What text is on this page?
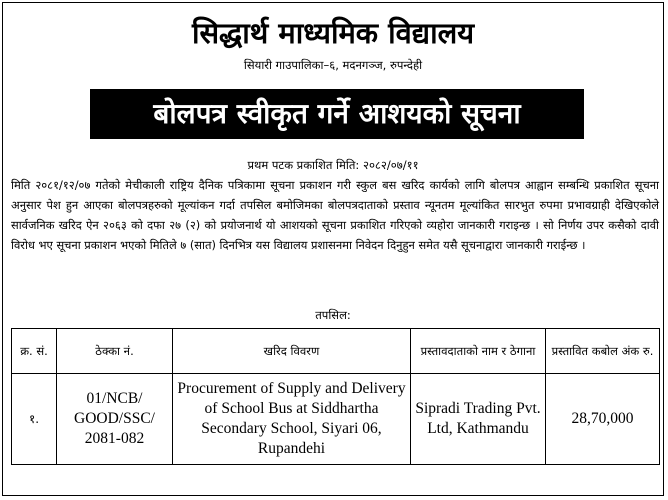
सिद्धार्थ माध्यमिक विद्यालय
सियारी गाउपालिका–६, मदनगञ्ज, रुपन्देही
बोलपत्र स्वीकृत गर्ने आशयको सूचना
प्रथम पटक प्रकाशित मिति: २०८२/०७/११

मिति २०८१/१२/०७ गतेको मेचीकाली राष्ट्रिय दैनिक पत्रिकामा सूचना प्रकाशन गरी स्कुल बस खरिद कार्यको लागि बोलपत्र आह्वान सम्बन्धि प्रकाशित सूचना अनुसार पेश हुन आएका बोलपत्रहरुको मूल्यांकन गर्दा तपसिल बमोजिमका बोलपत्रदाताको प्रस्ताव न्यूनतम मूल्यांकित सारभुत रुपमा प्रभावग्राही देखिएकोले सार्वजनिक खरिद ऐन २०६३ को दफा २७ (२) को प्रयोजनार्थ यो आशयको सूचना प्रकाशित गरिएको व्यहोरा जानकारी गराइन्छ । सो निर्णय उपर कसैको दावी विरोध भए सूचना प्रकाशन भएको मितिले ७ (सात) दिनभित्र यस विद्यालय प्रशासनमा निवेदन दिनुहुन समेत यसै सूचनाद्वारा जानकारी गराईन्छ ।

तपसिल:
क्र. सं.	ठेक्का नं.	खरिद विवरण	प्रस्तावदाताको नाम र ठेगाना	प्रस्तावित कबोल अंक रु.
१.	01/NCB/ GOOD/SSC/ 2081-082	Procurement of Supply and Delivery of School Bus at Siddhartha Secondary School, Siyari 06, Rupandehi	Sipradi Trading Pvt. Ltd, Kathmandu	28,70,000
